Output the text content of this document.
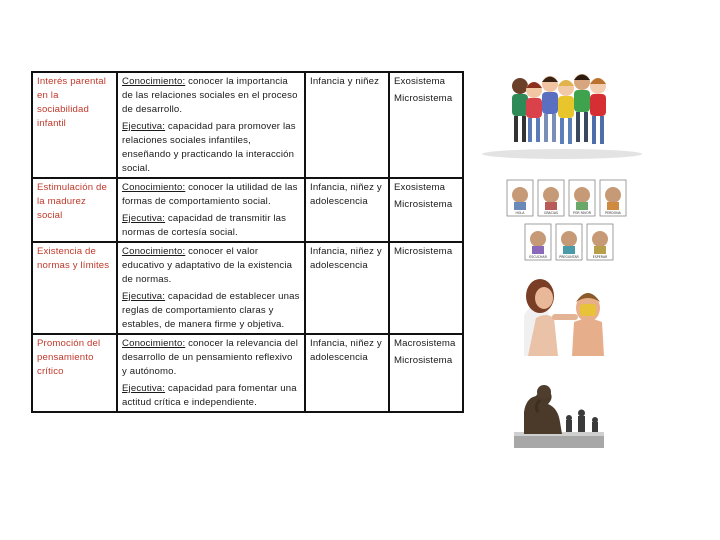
Interés parental en la sociabilidad infantil	Conocimiento: conocer la importancia de las relaciones sociales en el proceso de desarrollo.
Ejecutiva: capacidad para promover las relaciones sociales infantiles, enseñando y practicando la interacción social.	Infancia y niñez	Exosistema
Microsistema

Estimulación de la madurez social	Conocimiento: conocer la utilidad de las formas de comportamiento social.
Ejecutiva: capacidad de transmitir las normas de cortesía social.	Infancia, niñez y adolescencia	Exosistema
Microsistema

Existencia de normas y límites	Conocimiento: conocer el valor educativo y adaptativo de la existencia de normas.
Ejecutiva: capacidad de establecer unas reglas de comportamiento claras y estables, de manera firme y objetiva.	Infancia, niñez y adolescencia	Microsistema

Promoción del pensamiento crítico	Conocimiento: conocer la relevancia del desarrollo de un pensamiento reflexivo y autónomo.
Ejecutiva: capacidad para fomentar una actitud crítica e independiente.	Infancia, niñez y adolescencia	Macrosistema
Microsistema
HOLA	GRACIAS	POR FAVOR	PERDONA
ESCUCHAR	PREGUNTAR	ESPERAR
